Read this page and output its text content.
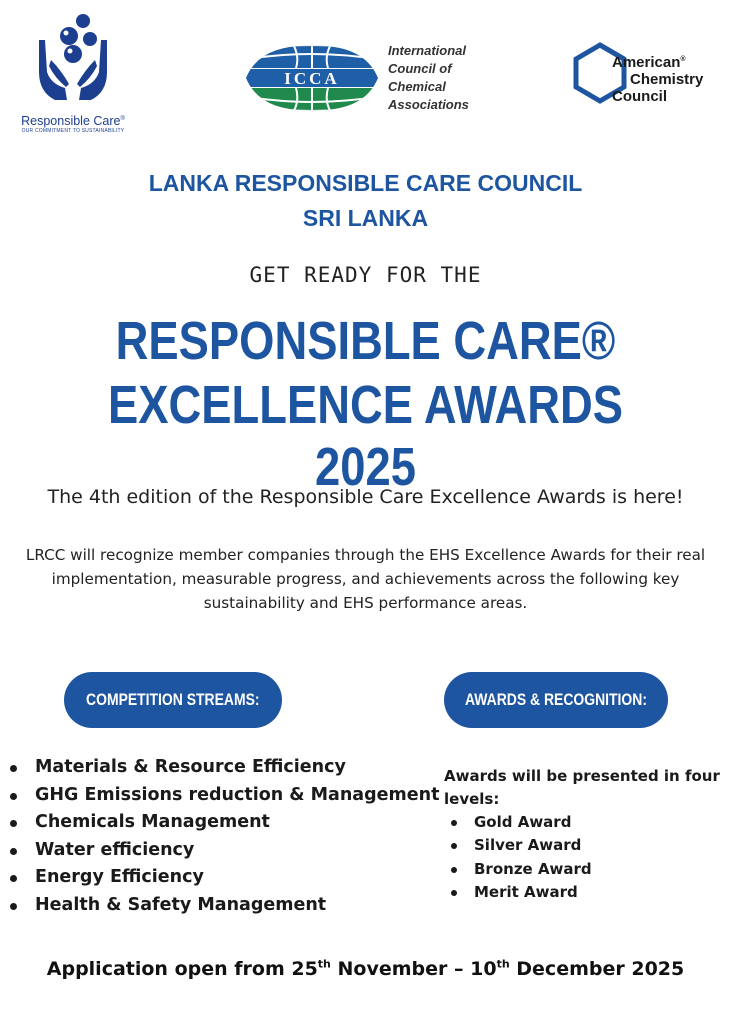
Responsible Care®
OUR COMMITMENT TO SUSTAINABILITY
ICCA
International
Council of
Chemical
Associations
American®
Chemistry
Council
LANKA RESPONSIBLE CARE COUNCIL
SRI LANKA
GET READY FOR THE
RESPONSIBLE CARE®
EXCELLENCE AWARDS 2025
The 4th edition of the Responsible Care Excellence Awards is here!
LRCC will recognize member companies through the EHS Excellence Awards for their real implementation, measurable progress, and achievements across the following key sustainability and EHS performance areas.
COMPETITION STREAMS:	AWARDS & RECOGNITION:
Materials & Resource Efficiency
GHG Emissions reduction & Management
Chemicals Management
Water efficiency
Energy Efficiency
Health & Safety Management
Awards will be presented in four levels:
Gold Award
Silver Award
Bronze Award
Merit Award
Application open from 25th November – 10th December 2025
